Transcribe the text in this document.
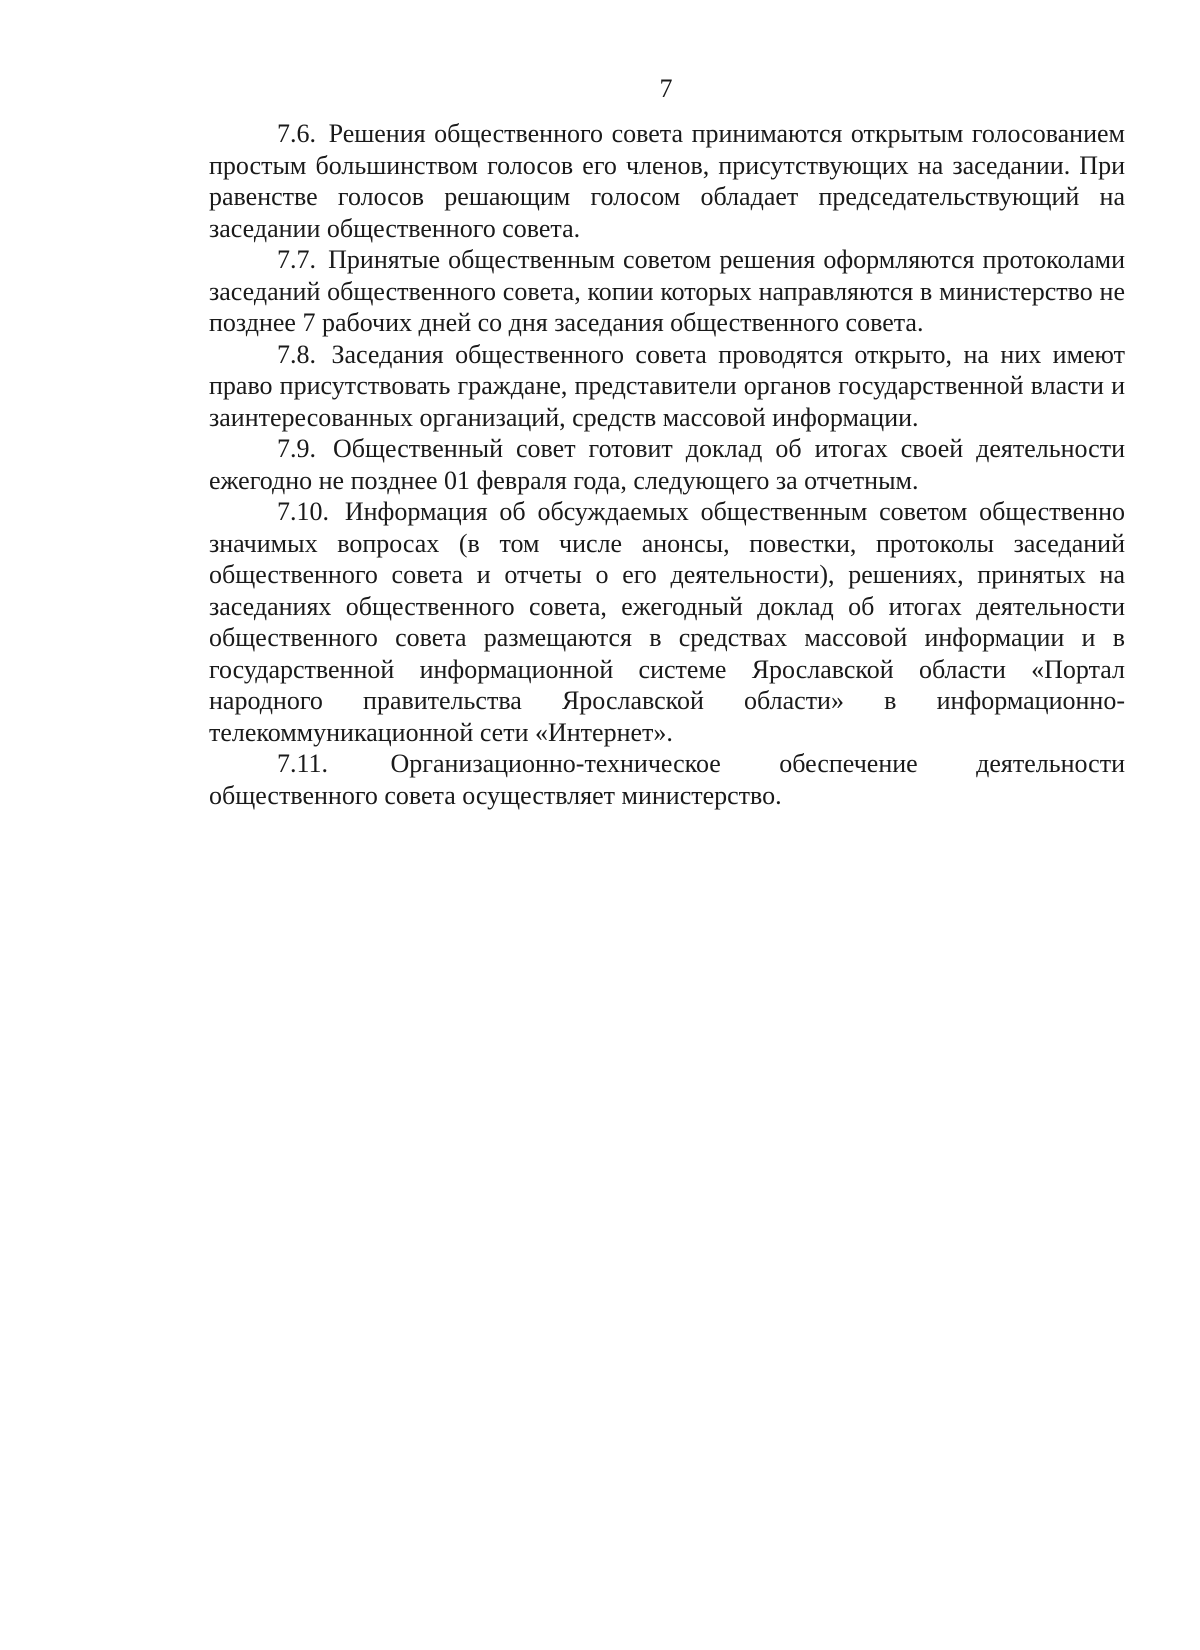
7

7.6. Решения общественного совета принимаются открытым голосованием простым большинством голосов его членов, присутствующих на заседании. При равенстве голосов решающим голосом обладает председательствующий на заседании общественного совета.

7.7. Принятые общественным советом решения оформляются протоколами заседаний общественного совета, копии которых направляются в министерство не позднее 7 рабочих дней со дня заседания общественного совета.

7.8. Заседания общественного совета проводятся открыто, на них имеют право присутствовать граждане, представители органов государственной власти и заинтересованных организаций, средств массовой информации.

7.9. Общественный совет готовит доклад об итогах своей деятельности ежегодно не позднее 01 февраля года, следующего за отчетным.

7.10. Информация об обсуждаемых общественным советом общественно значимых вопросах (в том числе анонсы, повестки, протоколы заседаний общественного совета и отчеты о его деятельности), решениях, принятых на заседаниях общественного совета, ежегодный доклад об итогах деятельности общественного совета размещаются в средствах массовой информации и в государственной информационной системе Ярославской области «Портал народного правительства Ярославской области» в информационно-телекоммуникационной сети «Интернет».

7.11. Организационно-техническое обеспечение деятельности общественного совета осуществляет министерство.
